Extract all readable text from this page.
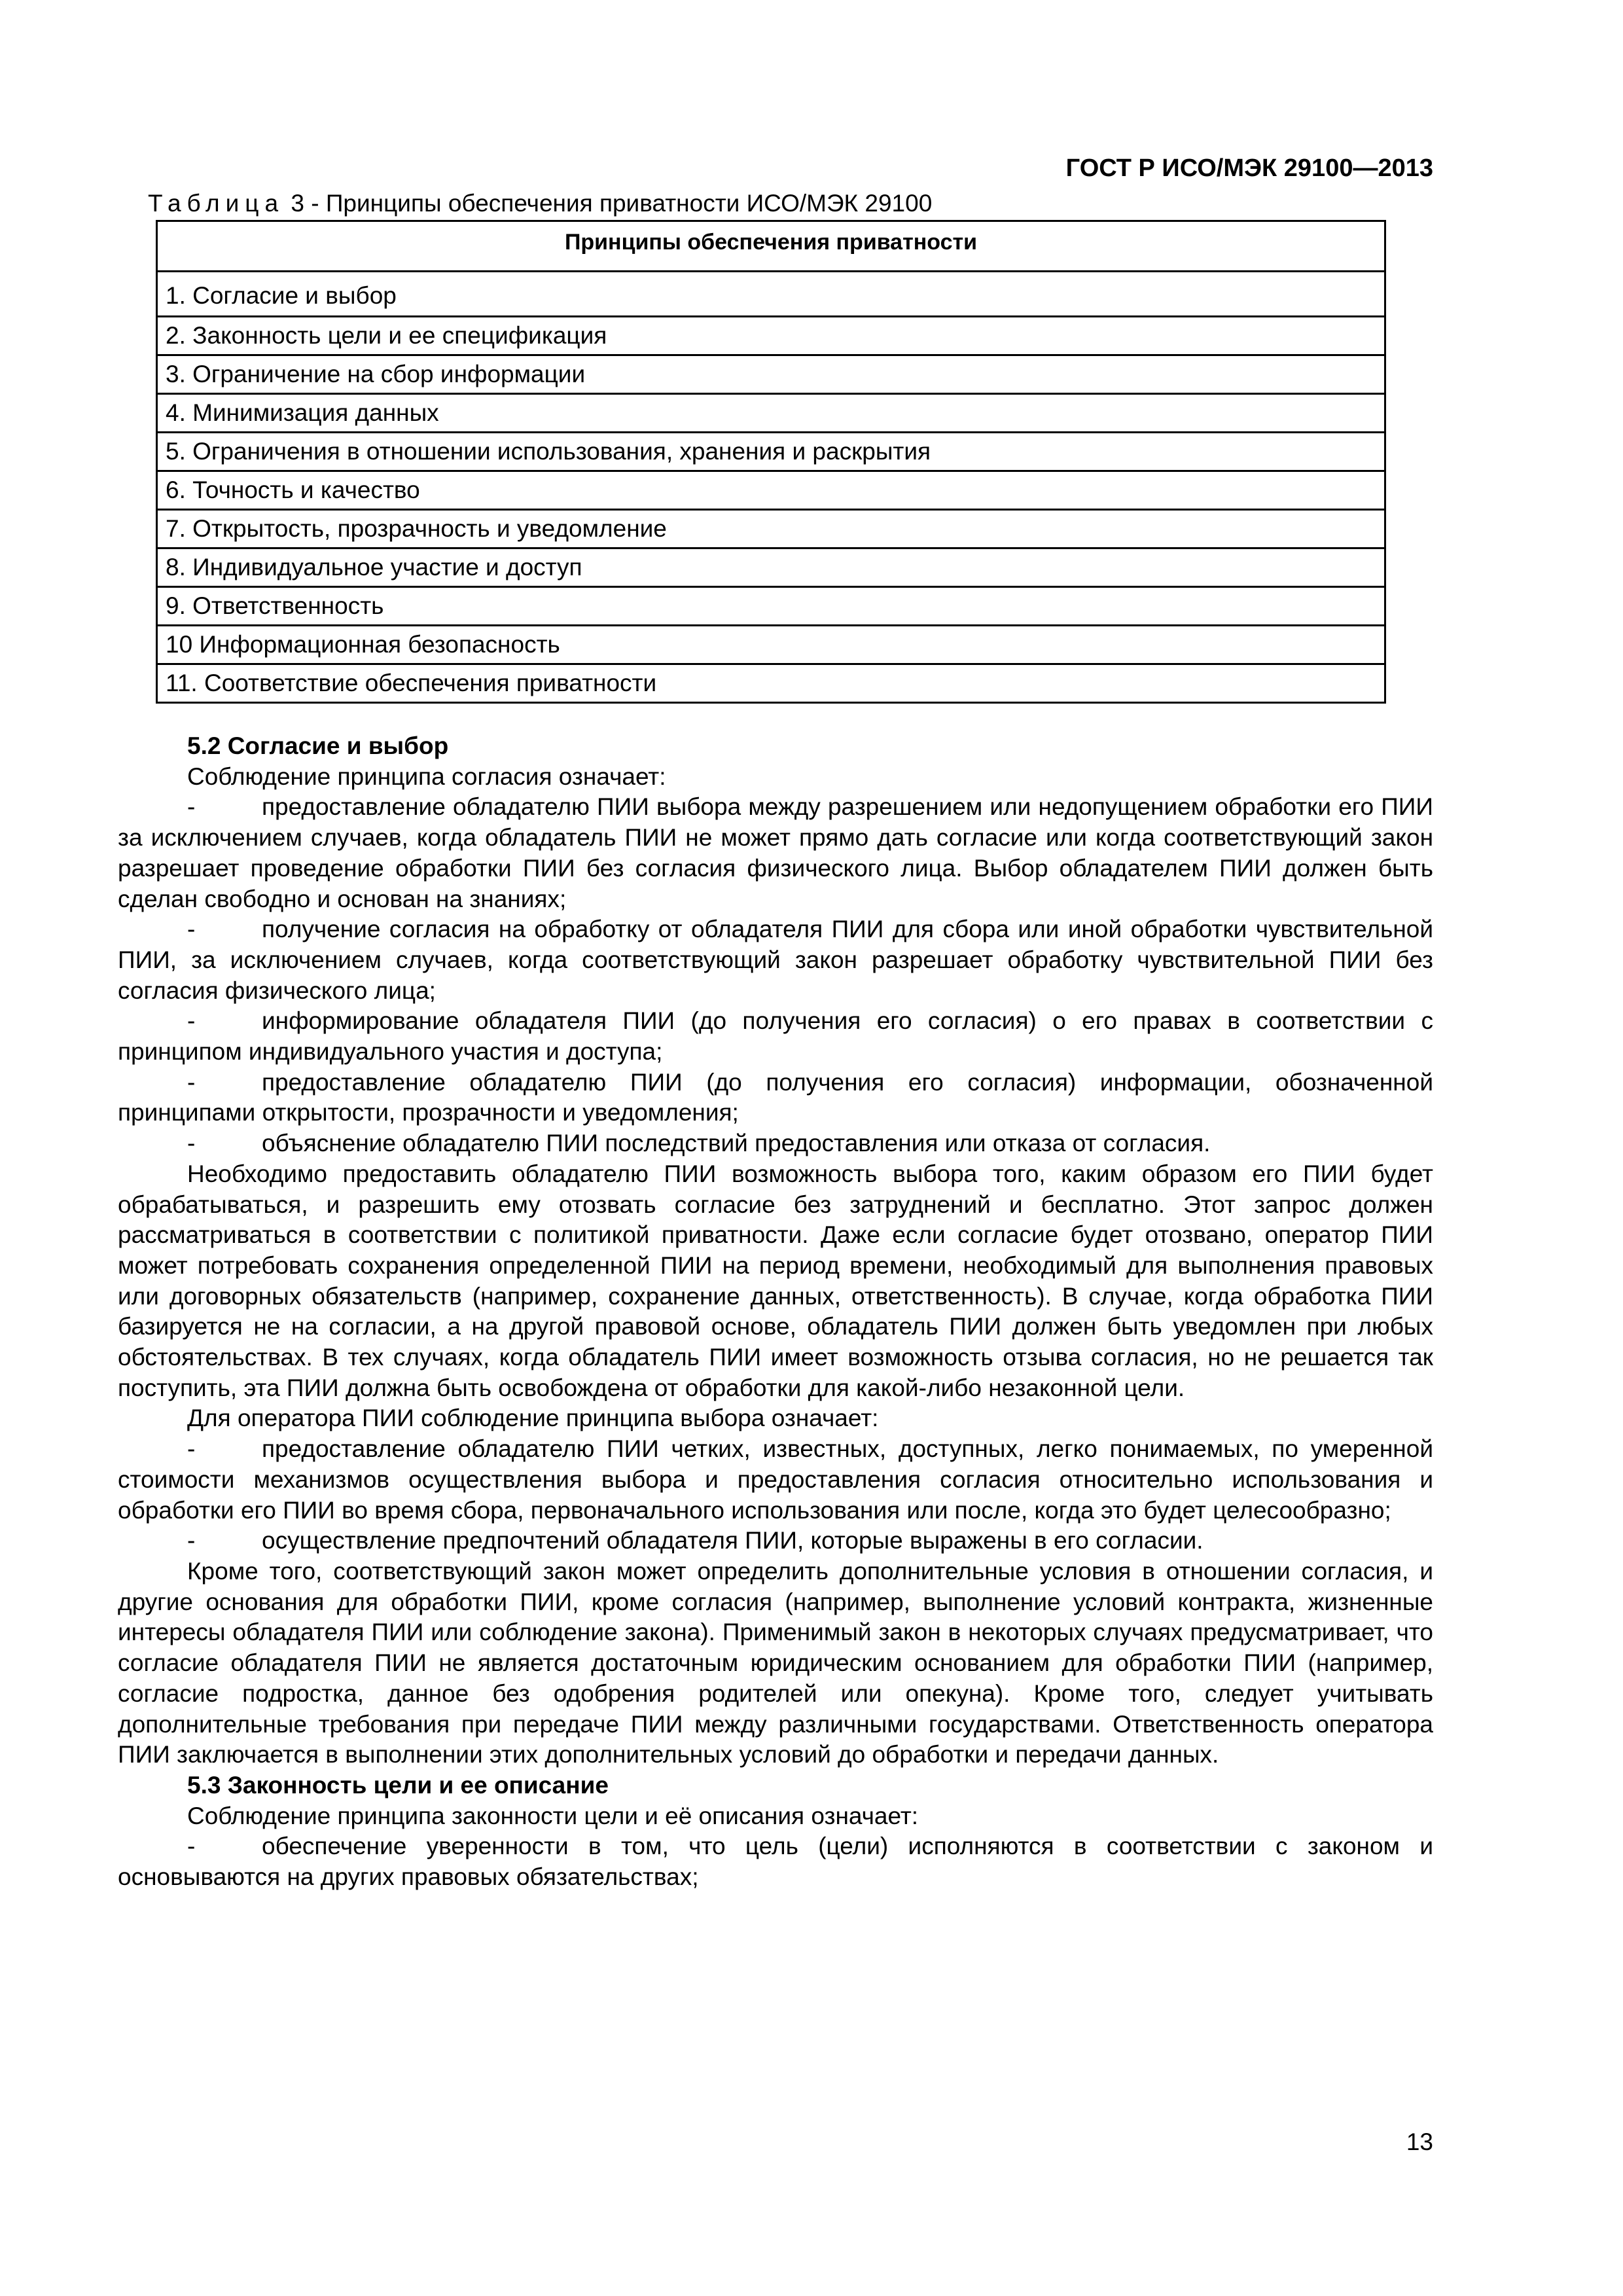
ГОСТ Р ИСО/МЭК 29100—2013
Таблица 3 - Принципы обеспечения приватности ИСО/МЭК 29100
Принципы обеспечения приватности
1. Согласие и выбор
2. Законность цели и ее спецификация
3. Ограничение на сбор информации
4. Минимизация данных
5. Ограничения в отношении использования, хранения и раскрытия
6. Точность и качество
7. Открытость, прозрачность и уведомление
8. Индивидуальное участие и доступ
9. Ответственность
10 Информационная безопасность
11. Соответствие обеспечения приватности

5.2 Согласие и выбор

Соблюдение принципа согласия означает:

-	предоставление обладателю ПИИ выбора между разрешением или недопущением обработки его ПИИ за исключением случаев, когда обладатель ПИИ не может прямо дать согласие или когда соответствующий закон разрешает проведение обработки ПИИ без согласия физического лица. Выбор обладателем ПИИ должен быть сделан свободно и основан на знаниях;

-	получение согласия на обработку от обладателя ПИИ для сбора или иной обработки чувствительной ПИИ, за исключением случаев, когда соответствующий закон разрешает обработку чувствительной ПИИ без согласия физического лица;

-	информирование обладателя ПИИ (до получения его согласия) о его правах в соответствии с принципом индивидуального участия и доступа;

-	предоставление обладателю ПИИ (до получения его согласия) информации, обозначенной принципами открытости, прозрачности и уведомления;

-	объяснение обладателю ПИИ последствий предоставления или отказа от согласия.

Необходимо предоставить обладателю ПИИ возможность выбора того, каким образом его ПИИ будет обрабатываться, и разрешить ему отозвать согласие без затруднений и бесплатно. Этот запрос должен рассматриваться в соответствии с политикой приватности. Даже если согласие будет отозвано, оператор ПИИ может потребовать сохранения определенной ПИИ на период времени, необходимый для выполнения правовых или договорных обязательств (например, сохранение данных, ответственность). В случае, когда обработка ПИИ базируется не на согласии, а на другой правовой основе, обладатель ПИИ должен быть уведомлен при любых обстоятельствах. В тех случаях, когда обладатель ПИИ имеет возможность отзыва согласия, но не решается так поступить, эта ПИИ должна быть освобождена от обработки для какой-либо незаконной цели.

Для оператора ПИИ соблюдение принципа выбора означает:

-	предоставление обладателю ПИИ четких, известных, доступных, легко понимаемых, по умеренной стоимости механизмов осуществления выбора и предоставления согласия относительно использования и обработки его ПИИ во время сбора, первоначального использования или после, когда это будет целесообразно;

-	осуществление предпочтений обладателя ПИИ, которые выражены в его согласии.

Кроме того, соответствующий закон может определить дополнительные условия в отношении согласия, и другие основания для обработки ПИИ, кроме согласия (например, выполнение условий контракта, жизненные интересы обладателя ПИИ или соблюдение закона). Применимый закон в некоторых случаях предусматривает, что согласие обладателя ПИИ не является достаточным юридическим основанием для обработки ПИИ (например, согласие подростка, данное без одобрения родителей или опекуна). Кроме того, следует учитывать дополнительные требования при передаче ПИИ между различными государствами. Ответственность оператора ПИИ заключается в выполнении этих дополнительных условий до обработки и передачи данных.

5.3 Законность цели и ее описание

Соблюдение принципа законности цели и её описания означает:

-	обеспечение уверенности в том, что цель (цели) исполняются в соответствии с законом и основываются на других правовых обязательствах;

13
